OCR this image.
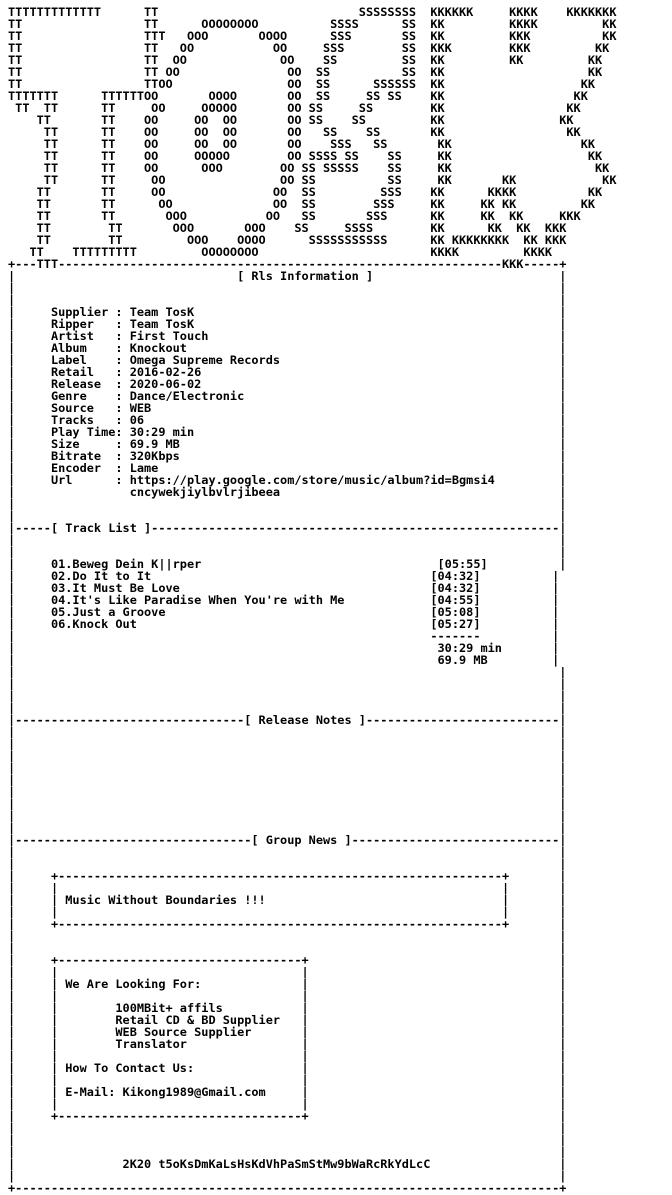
TTTTTTTTTTTTT      TT                            SSSSSSSS  KKKKKK     KKKK    KKKKKKK
TT                 TT      OOOOOOOO          SSSS      SS  KK         KKKK         KK
TT                 TTT   OOO       OOOO      SSS       SS  KK         KKK          KK
TT                 TT   OO           OO     SSS        SS  KKK        KKK         KK
TT                 TT  OO             OO    SS         SS  KK         KK         KK
TT                 TT OO               OO  SS          SS  KK                    KK
TT                 TTOO                OO  SS      SSSSSS  KK                   KK
TTTTTTT      TTTTTTOO       OOOO       OO  SS     SS SS    KK                  KK
TT  TT      TT     OO     OOOOO       OO SS     SS        KK                 KK
TT       TT    OO     OO  OO       OO SS    SS         KK                KK
TT      TT    OO     OO  OO       OO   SS    SS       KK                 KK
TT      TT    OO     OO  OO       OO    SSS   SS       KK                  KK
TT      TT    OO     OOOOO        OO SSSS SS    SS     KK                   KK
TT      TT    OO      OOO        OO SS SSSSS    SS     KK                    KK
TT      TT     OO                OO SS          SS     KK       KK            KK
TT       TT     OO               OO  SS         SSS    KK      KKKK          KK
TT       TT      OO              OO  SS        SSS     KK     KK KK         KK
TT       TT       OOO           OO   SS       SSS      KK     KK  KK     KKK
TT        TT       OOO       OOO    SS     SSSS        KK      KK  KK  KKK
TT        TT         OOO    OOOO      SSSSSSSSSSS      KK KKKKKKKK  KK KKK
TT    TTTTTTTTT         OOOOOOOO                        KKKK         KKKK
+---TTT--------------------------------------------------------------KKK-----+
|                               [ Rls Information ]                          |
|                                                                            |
|                                                                            |
|     Supplier : Team TosK                                                   |
|     Ripper   : Team TosK                                                   |
|     Artist   : First Touch                                                 |
|     Album    : Knockout                                                    |
|     Label    : Omega Supreme Records                                       |
|     Retail   : 2016-02-26                                                  |
|     Release  : 2020-06-02                                                  |
|     Genre    : Dance/Electronic                                            |
|     Source   : WEB                                                         |
|     Tracks   : 06                                                          |
|     Play Time: 30:29 min                                                   |
|     Size     : 69.9 MB                                                     |
|     Bitrate  : 320Kbps                                                     |
|     Encoder  : Lame                                                        |
|     Url      : https://play.google.com/store/music/album?id=Bgmsi4         |
|                cncywekjiylbvlrjibeea                                       |
|                                                                            |
|                                                                            |
|-----[ Track List ]---------------------------------------------------------|
|                                                                            |
|                                                                            |
|     01.Beweg Dein K||rper                                 [05:55]          |
|     02.Do It to It                                       [04:32]          |
|     03.It Must Be Love                                   [04:32]          |
|     04.It's Like Paradise When You're with Me            [04:55]          |
|     05.Just a Groove                                     [05:08]          |
|     06.Knock Out                                         [05:27]          |
|                                                          -------          |
|                                                           30:29 min       |
|                                                           69.9 MB         |
|                                                                            |
|                                                                            |
|                                                                            |
|                                                                            |
|--------------------------------[ Release Notes ]---------------------------|
|                                                                            |
|                                                                            |
|                                                                            |
|                                                                            |
|                                                                            |
|                                                                            |
|                                                                            |
|                                                                            |
|                                                                            |
|---------------------------------[ Group News ]-----------------------------|
|                                                                            |
|                                                                            |
|     +--------------------------------------------------------------+       |
|     |                                                              |       |
|     | Music Without Boundaries !!!                                 |       |
|     |                                                              |       |
|     +--------------------------------------------------------------+       |
|                                                                            |
|                                                                            |
|     +----------------------------------+                                   |
|     |                                  |                                   |
|     | We Are Looking For:              |                                   |
|     |                                  |                                   |
|     |        100MBit+ affils           |                                   |
|     |        Retail CD & BD Supplier   |                                   |
|     |        WEB Source Supplier       |                                   |
|     |        Translator                |                                   |
|     |                                  |                                   |
|     | How To Contact Us:               |                                   |
|     |                                  |                                   |
|     | E-Mail: Kikong1989@Gmail.com     |                                   |
|     |                                  |                                   |
|     +----------------------------------+                                   |
|                                                                            |
|                                                                            |
|                                                                            |
|               2K20 t5oKsDmKaLsHsKdVhPaSmStMw9bWaRcRkYdLcC                  |
|                                                                            |
+----------------------------------------------------------------------------+
